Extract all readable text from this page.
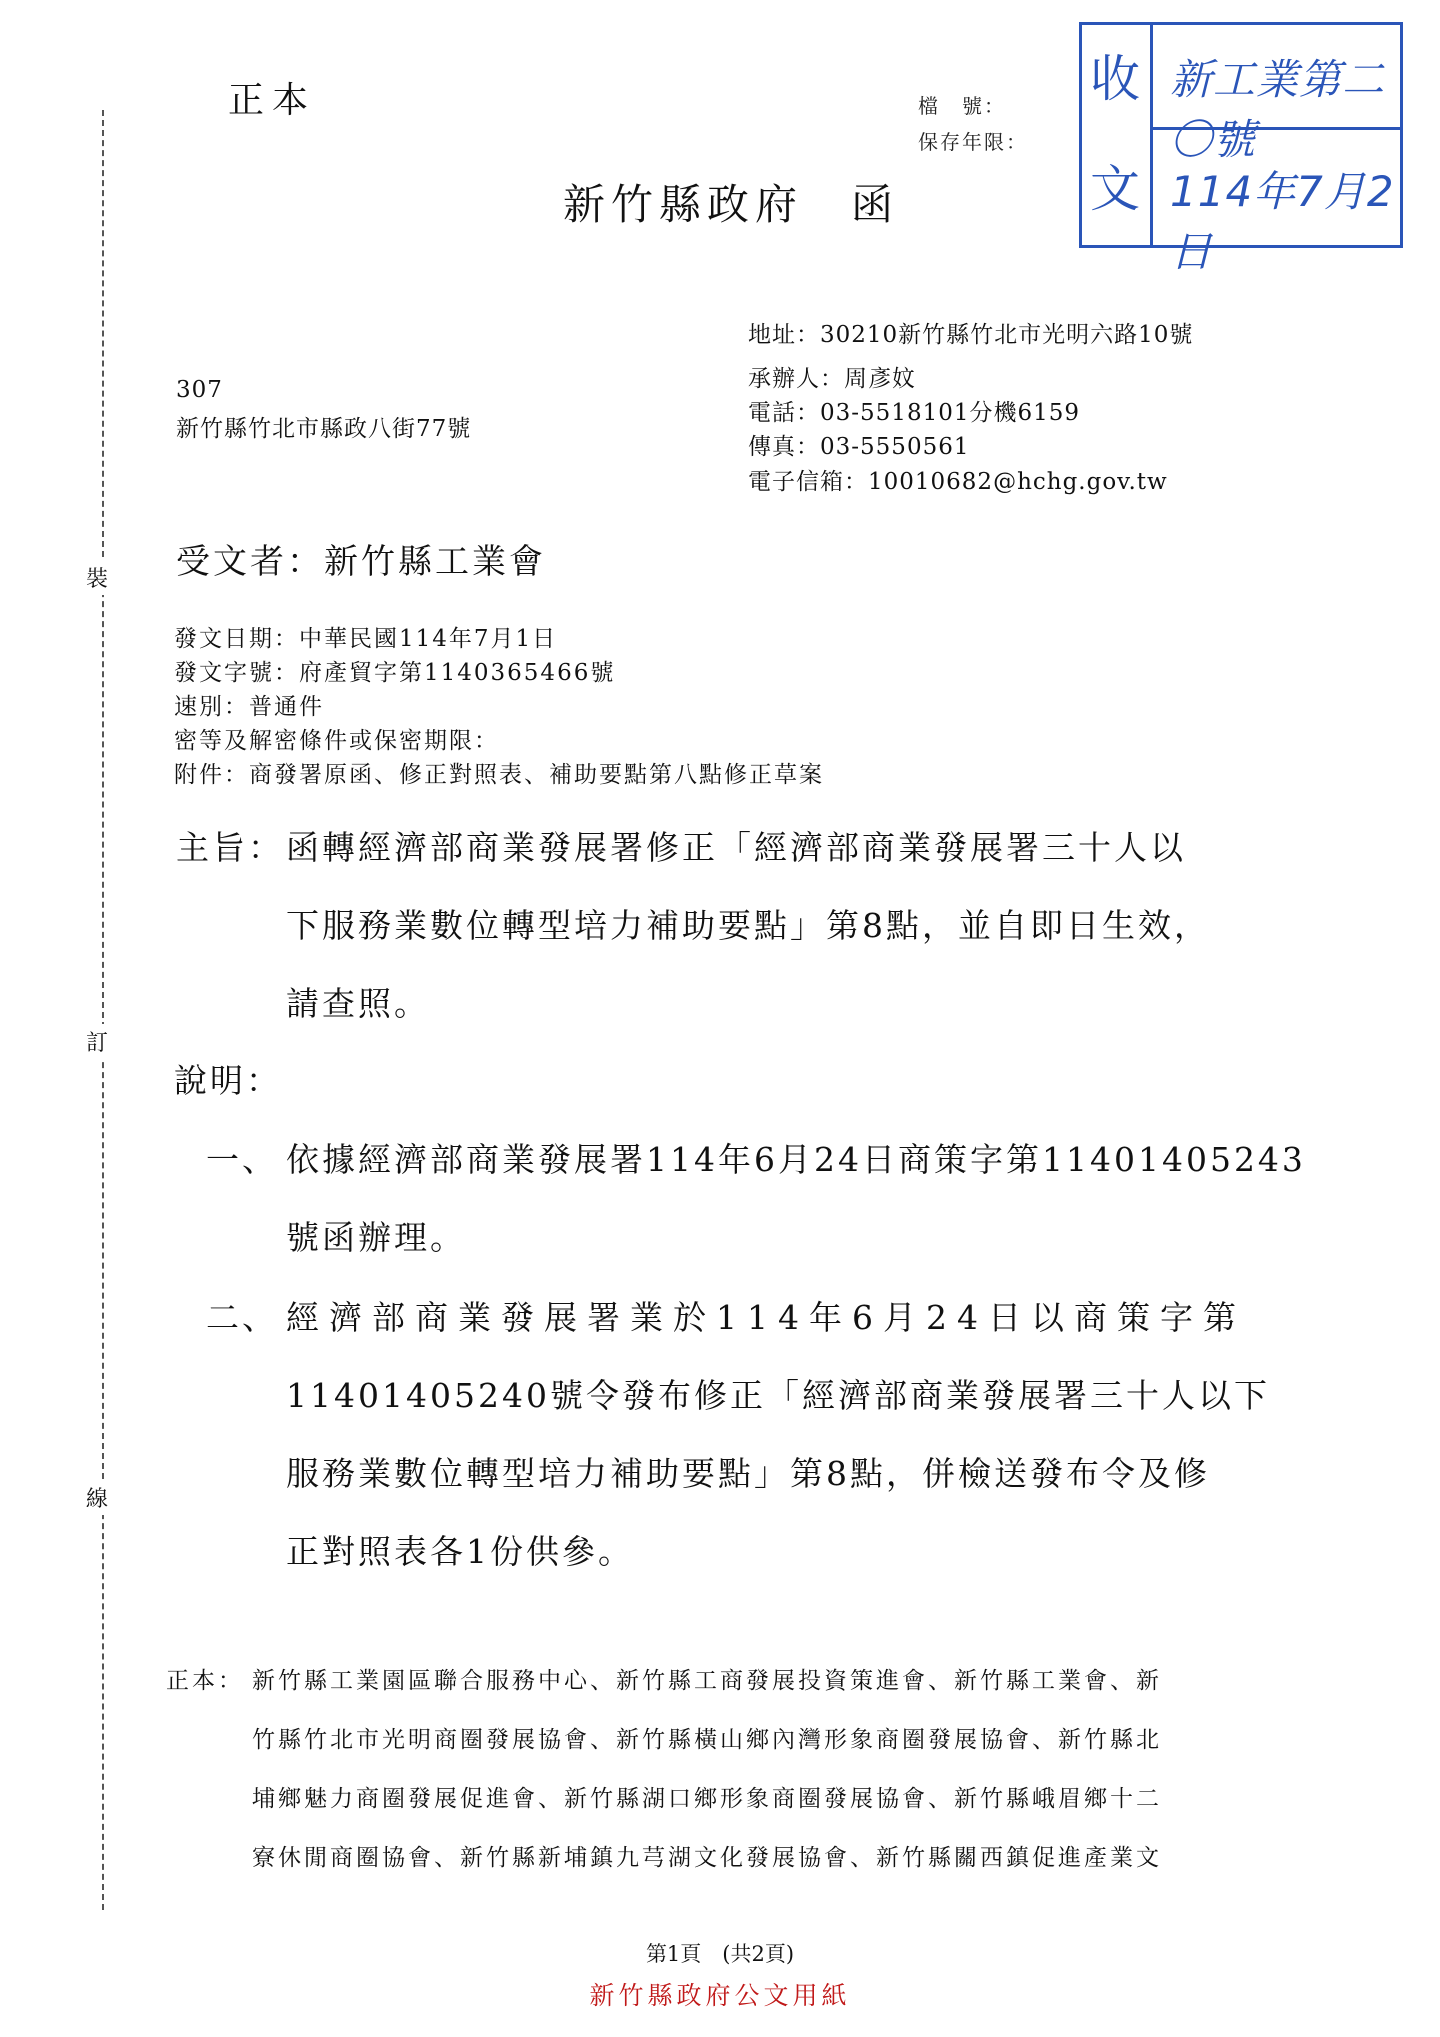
正本	檔　號：
保存年限：
新竹縣政府　函
收
文
新工業第二〇號
114年7月2日
裝
訂
線
地址：30210新竹縣竹北市光明六路10號
承辦人：周彥妏
電話：03-5518101分機6159
傳真：03-5550561
電子信箱：10010682@hchg.gov.tw
307
新竹縣竹北市縣政八街77號
受文者：新竹縣工業會
發文日期：中華民國114年7月1日
發文字號：府產貿字第1140365466號
速別：普通件
密等及解密條件或保密期限：
附件：商發署原函、修正對照表、補助要點第八點修正草案
主旨： 函轉經濟部商業發展署修正「經濟部商業發展署三十人以
下服務業數位轉型培力補助要點」第8點，並自即日生效，
請查照。
說明：
一、 依據經濟部商業發展署114年6月24日商策字第11401405243
號函辦理。
二、 經濟部商業發展署業於114年6月24日以商策字第
11401405240號令發布修正「經濟部商業發展署三十人以下
服務業數位轉型培力補助要點」第8點，併檢送發布令及修
正對照表各1份供參。
正本： 新竹縣工業園區聯合服務中心、新竹縣工商發展投資策進會、新竹縣工業會、新
竹縣竹北市光明商圈發展協會、新竹縣橫山鄉內灣形象商圈發展協會、新竹縣北
埔鄉魅力商圈發展促進會、新竹縣湖口鄉形象商圈發展協會、新竹縣峨眉鄉十二
寮休閒商圈協會、新竹縣新埔鎮九芎湖文化發展協會、新竹縣關西鎮促進產業文
第1頁　(共2頁)
新竹縣政府公文用紙
